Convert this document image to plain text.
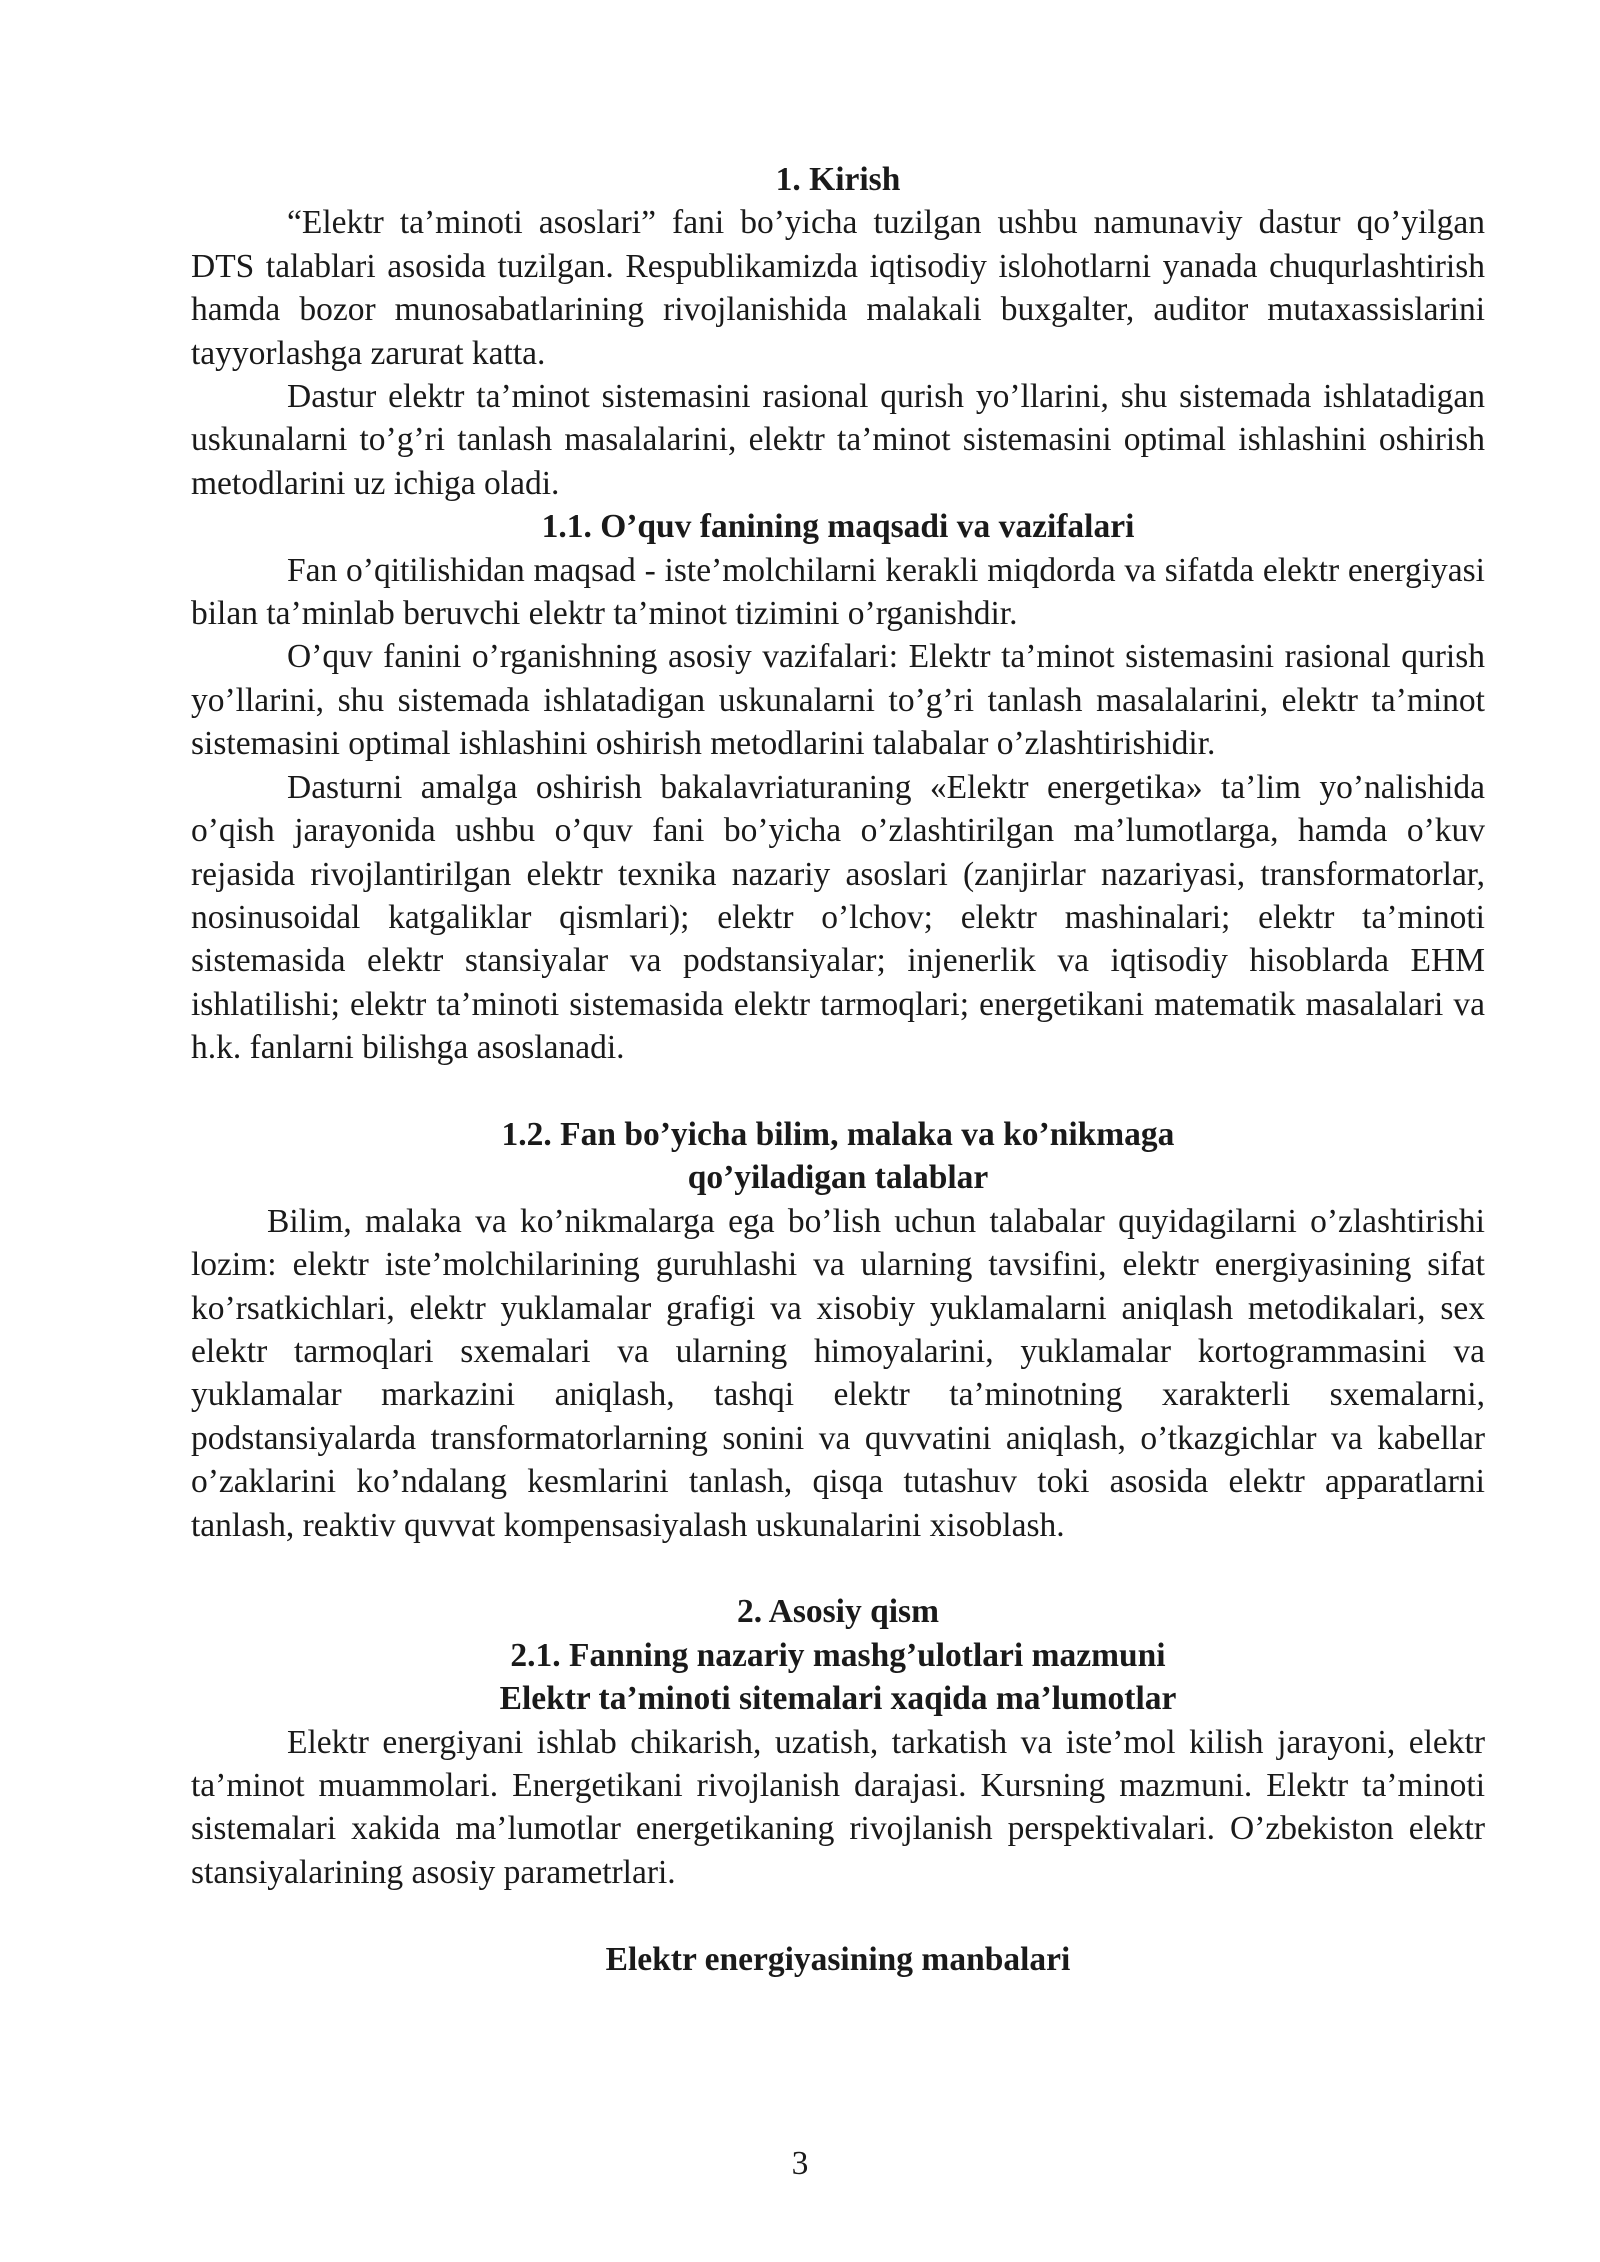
1. Kirish

“Elektr ta’minoti asoslari” fani bo’yicha tuzilgan ushbu namunaviy dastur qo’yilgan DTS talablari asosida tuzilgan. Respublikamizda iqtisodiy islohotlarni yanada chuqurlashtirish hamda bozor munosabatlarining rivojlanishida malakali buxgalter, auditor mutaxassislarini tayyorlashga zarurat katta.

Dastur elektr ta’minot sistemasini rasional qurish yo’llarini, shu sistemada ishlatadigan uskunalarni to’g’ri tanlash masalalarini, elektr ta’minot sistemasini optimal ishlashini oshirish metodlarini uz ichiga oladi.

1.1. O’quv fanining maqsadi va vazifalari

Fan o’qitilishidan maqsad - iste’molchilarni kerakli miqdorda va sifatda elektr energiyasi bilan ta’minlab beruvchi elektr ta’minot tizimini o’rganishdir.

O’quv fanini o’rganishning asosiy vazifalari: Elektr ta’minot sistemasini rasional qurish yo’llarini, shu sistemada ishlatadigan uskunalarni to’g’ri tanlash masalalarini, elektr ta’minot sistemasini optimal ishlashini oshirish metodlarini talabalar o’zlashtirishidir.

Dasturni amalga oshirish bakalavriaturaning «Elektr energetika» ta’lim yo’nalishida o’qish jarayonida ushbu o’quv fani bo’yicha o’zlashtirilgan ma’lumotlarga, hamda o’kuv rejasida rivojlantirilgan elektr texnika nazariy asoslari (zanjirlar nazariyasi, transformatorlar, nosinusoidal katgaliklar qismlari); elektr o’lchov; elektr mashinalari; elektr ta’minoti sistemasida elektr stansiyalar va podstansiyalar; injenerlik va iqtisodiy hisoblarda EHM ishlatilishi; elektr ta’minoti sistemasida elektr tarmoqlari; energetikani matematik masalalari va h.k. fanlarni bilishga asoslanadi.

1.2. Fan bo’yicha bilim, malaka va ko’nikmaga
qo’yiladigan talablar

Bilim, malaka va ko’nikmalarga ega bo’lish uchun talabalar quyidagilarni o’zlashtirishi lozim: elektr iste’molchilarining guruhlashi va ularning tavsifini, elektr energiyasining sifat ko’rsatkichlari, elektr yuklamalar grafigi va xisobiy yuklamalarni aniqlash metodikalari, sex elektr tarmoqlari sxemalari va ularning himoyalarini, yuklamalar kortogrammasini va yuklamalar markazini aniqlash, tashqi elektr ta’minotning xarakterli sxemalarni, podstansiyalarda transformatorlarning sonini va quvvatini aniqlash, o’tkazgichlar va kabellar o’zaklarini ko’ndalang kesmlarini tanlash, qisqa tutashuv toki asosida elektr apparatlarni tanlash, reaktiv quvvat kompensasiyalash uskunalarini xisoblash.

2. Asosiy qism
2.1. Fanning nazariy mashg’ulotlari mazmuni
Elektr ta’minoti sitemalari xaqida ma’lumotlar

Elektr energiyani ishlab chikarish, uzatish, tarkatish va iste’mol kilish jarayoni, elektr ta’minot muammolari. Energetikani rivojlanish darajasi. Kursning mazmuni. Elektr ta’minoti sistemalari xakida ma’lumotlar energetikaning rivojlanish perspektivalari. O’zbekiston elektr stansiyalarining asosiy parametrlari.

Elektr energiyasining manbalari
3
